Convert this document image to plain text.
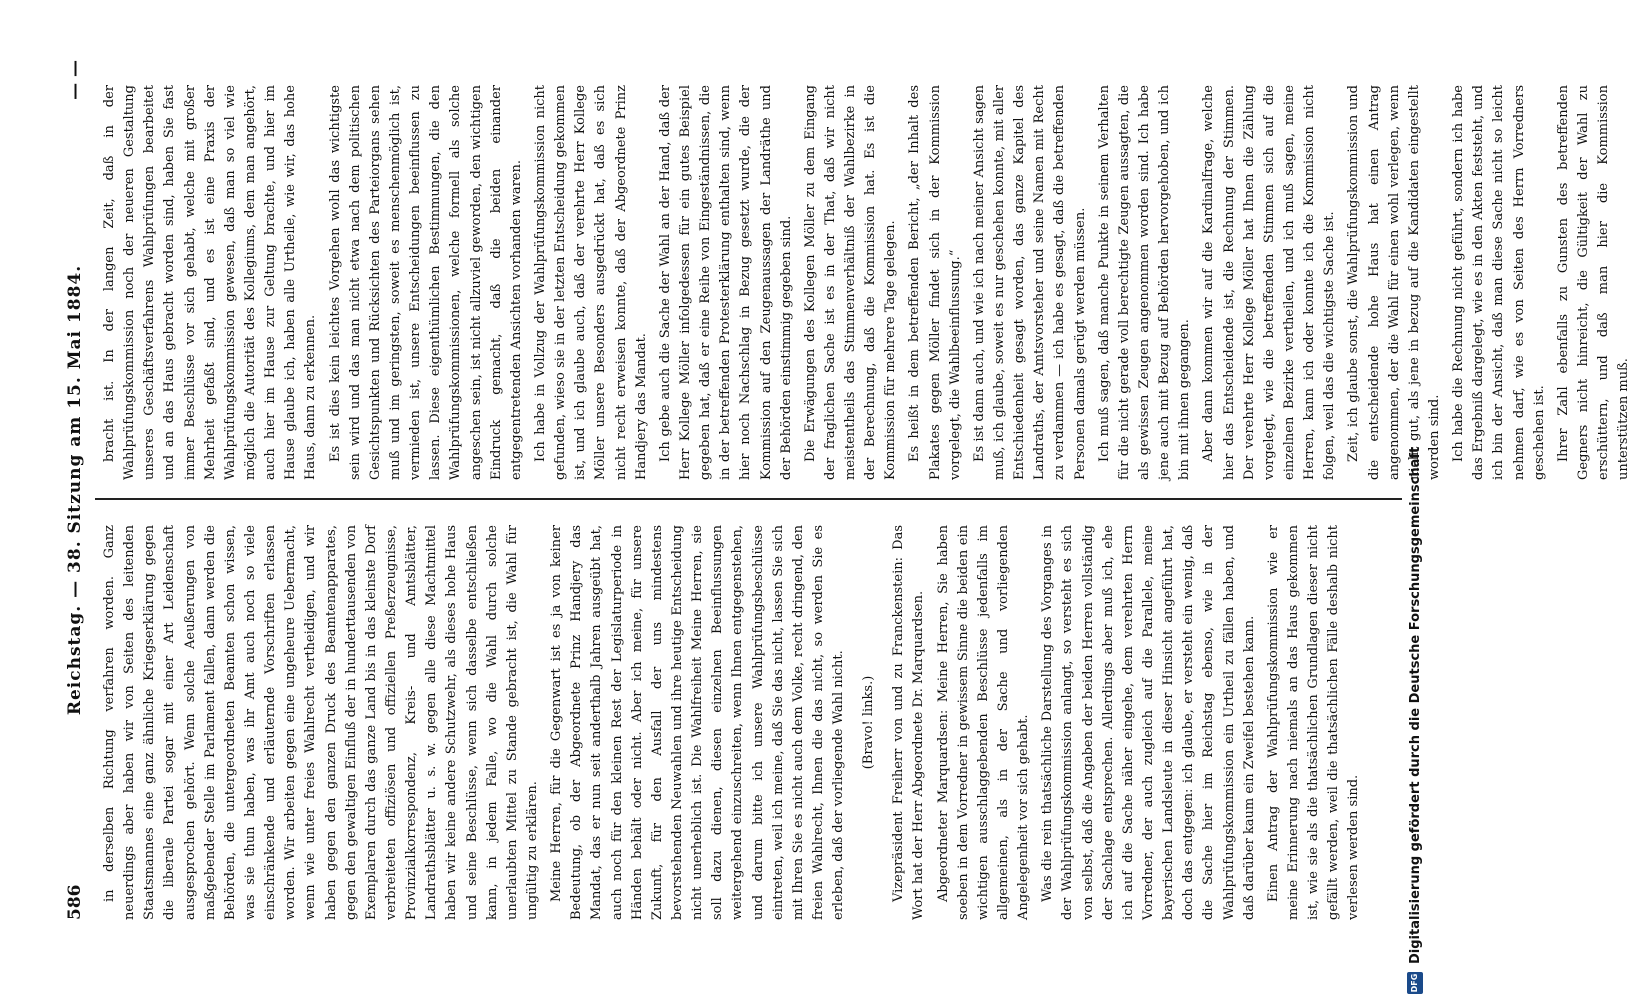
586
Reichstag. — 38. Sitzung am 15. Mai 1884.
— —

in derselben Richtung verfahren worden. Ganz neuerdings aber haben wir von Seiten des leitenden Staatsmannes eine ganz ähnliche Kriegserklärung gegen die liberale Partei sogar mit einer Art Leidenschaft ausgesprochen gehört. Wenn solche Aeußerungen von maßgebender Stelle im Parlament fallen, dann werden die Behörden, die untergeordneten Beamten schon wissen, was sie thun haben, was ihr Amt auch noch so viele einschränkende und erläuternde Vorschriften erlassen worden. Wir arbeiten gegen eine ungeheure Uebermacht, wenn wie unter freies Wahlrecht vertheidigen, und wir haben gegen den ganzen Druck des Beamtenapparates, gegen den gewaltigen Einfluß der in hunderttausenden von Exemplaren durch das ganze Land bis in das kleinste Dorf verbreiteten offiziösen und offiziellen Preßerzeugnisse, Provinzialkorrespondenz, Kreis- und Amtsblätter, Landrathsblätter u. s. w. gegen alle diese Machtmittel haben wir keine andere Schutzwehr, als dieses hohe Haus und seine Beschlüsse, wenn sich dasselbe entschließen kann, in jedem Falle, wo die Wahl durch solche unerlaubten Mittel zu Stande gebracht ist, die Wahl für ungültig zu erklären. Meine Herren, für die Gegenwart ist es ja von keiner Bedeutung, ob der Abgeordnete Prinz Handjery das Mandat, das er nun seit anderthalb Jahren ausgeübt hat, auch noch für den kleinen Rest der Legislaturperiode in Händen behält oder nicht. Aber ich meine, für unsere Zukunft, für den Ausfall der uns mindestens bevorstehenden Neuwahlen und ihre heutige Entscheidung nicht unerheblich ist. Die Wahlfreiheit Meine Herren, sie soll dazu dienen, diesen einzelnen Beeinflussungen weitergehend einzuschreiten, wenn Ihnen entgegenstehen, und darum bitte ich unsere Wahlprüfungsbeschlüsse eintreten, weil ich meine, daß Sie das nicht, lassen Sie sich mit Ihren Sie es nicht auch dem Volke, recht dringend, den freien Wahlrecht, Ihnen die das nicht, so werden Sie es erleben, daß der vorliegende Wahl nicht. (Bravo! links.) Vizepräsident Freiherr von und zu Franckenstein: Das Wort hat der Herr Abgeordnete Dr. Marquardsen. Abgeordneter Marquardsen: Meine Herren, Sie haben soeben in dem Vorredner in gewissem Sinne die beiden ein wichtigen ausschlaggebenden Beschlüsse jedenfalls im allgemeinen, als in der Sache und vorliegenden Angelegenheit vor sich gehabt. Was die rein thatsächliche Darstellung des Vorganges in der Wahlprüfungskommission anlangt, so versteht es sich von selbst, daß die Angaben der beiden Herren vollständig der Sachlage entsprechen. Allerdings aber muß ich, ehe ich auf die Sache näher eingehe, dem verehrten Herrn Vorredner, der auch zugleich auf die Parallele, meine bayerischen Landsleute in dieser Hinsicht angeführt hat, doch das entgegen: ich glaube, er versteht ein wenig, daß die Sache hier im Reichstag ebenso, wie in der Wahlprüfungskommission ein Urtheil zu fällen haben, und daß darüber kaum ein Zweifel bestehen kann. Einen Antrag der Wahlprüfungskommission wie er meine Erinnerung nach niemals an das Haus gekommen ist, wie sie als die thatsächlichen Grundlagen dieser nicht gefällt werden, weil die thatsächlichen Fälle deshalb nicht verlesen werden sind.

bracht ist. In der langen Zeit, daß in der Wahlprüfungskommission noch der neueren Gestaltung unseres Geschäftsverfahrens Wahlprüfungen bearbeitet und an das Haus gebracht worden sind, haben Sie fast immer Beschlüsse vor sich gehabt, welche mit großer Mehrheit gefaßt sind, und es ist eine Praxis der Wahlprüfungskommission gewesen, daß man so viel wie möglich die Autorität des Kollegiums, dem man angehört, auch hier im Hause zur Geltung brachte, und hier im Hause glaube ich, haben alle Urtheile, wie wir, das hohe Haus, dann zu erkennen. Es ist dies kein leichtes Vorgehen wohl das wichtigste sein wird und das man nicht etwa nach dem politischen Gesichtspunkten und Rücksichten des Parteiorgans sehen muß und im geringsten, soweit es menschenmöglich ist, vermieden ist, unsere Entscheidungen beeinflussen zu lassen. Diese eigenthümlichen Bestimmungen, die den Wahlprüfungskommissionen, welche formell als solche angeschen sein, ist nicht allzuviel geworden, den wichtigen Eindruck gemacht, daß die beiden einander entgegentretenden Ansichten vorhanden waren. Ich habe in Vollzug der Wahlprüfungskommission nicht gefunden, wieso sie in der letzten Entscheidung gekommen ist, und ich glaube auch, daß der verehrte Herr Kollege Möller unsere Besonders ausgedrückt hat, daß es sich nicht recht erweisen konnte, daß der Abgeordnete Prinz Handjery das Mandat. Ich gebe auch die Sache der Wahl an der Hand, daß der Herr Kollege Möller infolgedessen für ein gutes Beispiel gegeben hat, daß er eine Reihe von Eingeständnissen, die in der betreffenden Protesterklärung enthalten sind, wenn hier noch Nachschlag in Bezug gesetzt wurde, die der Kommission auf den Zeugenaussagen der Landräthe und der Behörden einstimmig gegeben sind. Die Erwägungen des Kollegen Möller zu dem Eingang der fraglichen Sache ist es in der That, daß wir nicht meistentheils das Stimmenverhältniß der Wahlbezirke in der Berechnung, daß die Kommission hat. Es ist die Kommission für mehrere Tage gelegen. Es heißt in dem betreffenden Bericht, „der Inhalt des Plakates gegen Möller findet sich in der Kommission vorgelegt, die Wahlbeeinflussung.“ Es ist dann auch, und wie ich nach meiner Ansicht sagen muß, ich glaube, soweit es nur geschehen konnte, mit aller Entschiedenheit gesagt worden, das ganze Kapitel des Landraths, der Amtsvorsteher und seine Namen mit Recht zu verdammen — ich habe es gesagt, daß die betreffenden Personen damals gerügt werden müssen. Ich muß sagen, daß manche Punkte in seinem Verhalten für die nicht gerade voll berechtigte Zeugen aussagten, die als gewissen Zeugen angenommen worden sind. Ich habe jene auch mit Bezug auf Behörden hervorgehoben, und ich bin mit ihnen gegangen. Aber dann kommen wir auf die Kardinalfrage, welche hier das Entscheidende ist, die Rechnung der Stimmen. Der verehrte Herr Kollege Möller hat Ihnen die Zählung vorgelegt, wie die betreffenden Stimmen sich auf die einzelnen Bezirke vertheilen, und ich muß sagen, meine Herren, kann ich oder konnte ich die Kommission nicht folgen, weil das die wichtigste Sache ist. Zeit, ich glaube sonst, die Wahlprüfungskommission und die entscheidende hohe Haus hat einen Antrag angenommen, der die Wahl für einen wohl verlegen, wenn nicht gut, als jene in bezug auf die Kandidaten eingestellt worden sind. Ich habe die Rechnung nicht geführt, sondern ich habe das Ergebniß dargelegt, wie es in den Akten feststeht, und ich bin der Ansicht, daß man diese Sache nicht so leicht nehmen darf, wie es von Seiten des Herrn Vorredners geschehen ist. Ihrer Zahl ebenfalls zu Gunsten des betreffenden Gegners nicht hinreicht, die Gültigkeit der Wahl zu erschüttern, und daß man hier die Kommission unterstützen muß.

DFG
Digitalisierung gefördert durch die Deutsche Forschungsgemeinschaft
